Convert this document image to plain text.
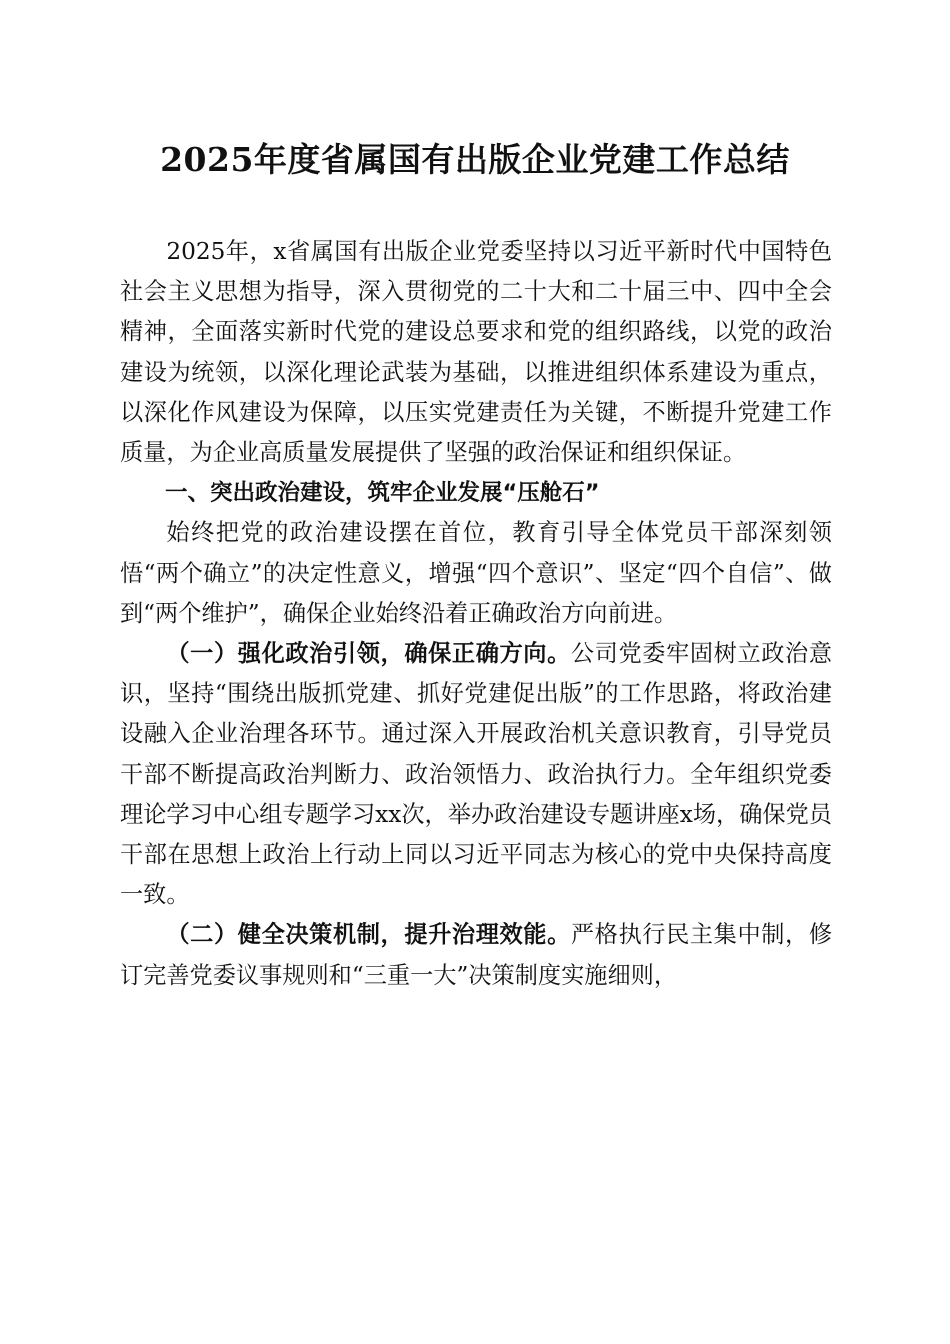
2025年度省属国有出版企业党建工作总结

2025年，x省属国有出版企业党委坚持以习近平新时代中国特色社会主义思想为指导，深入贯彻党的二十大和二十届三中、四中全会精神，全面落实新时代党的建设总要求和党的组织路线，以党的政治建设为统领，以深化理论武装为基础，以推进组织体系建设为重点，以深化作风建设为保障，以压实党建责任为关键，不断提升党建工作质量，为企业高质量发展提供了坚强的政治保证和组织保证。

一、突出政治建设，筑牢企业发展“压舱石”

始终把党的政治建设摆在首位，教育引导全体党员干部深刻领悟“两个确立”的决定性意义，增强“四个意识”、坚定“四个自信”、做到“两个维护”，确保企业始终沿着正确政治方向前进。

（一）强化政治引领，确保正确方向。公司党委牢固树立政治意识，坚持“围绕出版抓党建、抓好党建促出版”的工作思路，将政治建设融入企业治理各环节。通过深入开展政治机关意识教育，引导党员干部不断提高政治判断力、政治领悟力、政治执行力。全年组织党委理论学习中心组专题学习xx次，举办政治建设专题讲座x场，确保党员干部在思想上政治上行动上同以习近平同志为核心的党中央保持高度一致。

（二）健全决策机制，提升治理效能。严格执行民主集中制，修订完善党委议事规则和“三重一大”决策制度实施细则，
